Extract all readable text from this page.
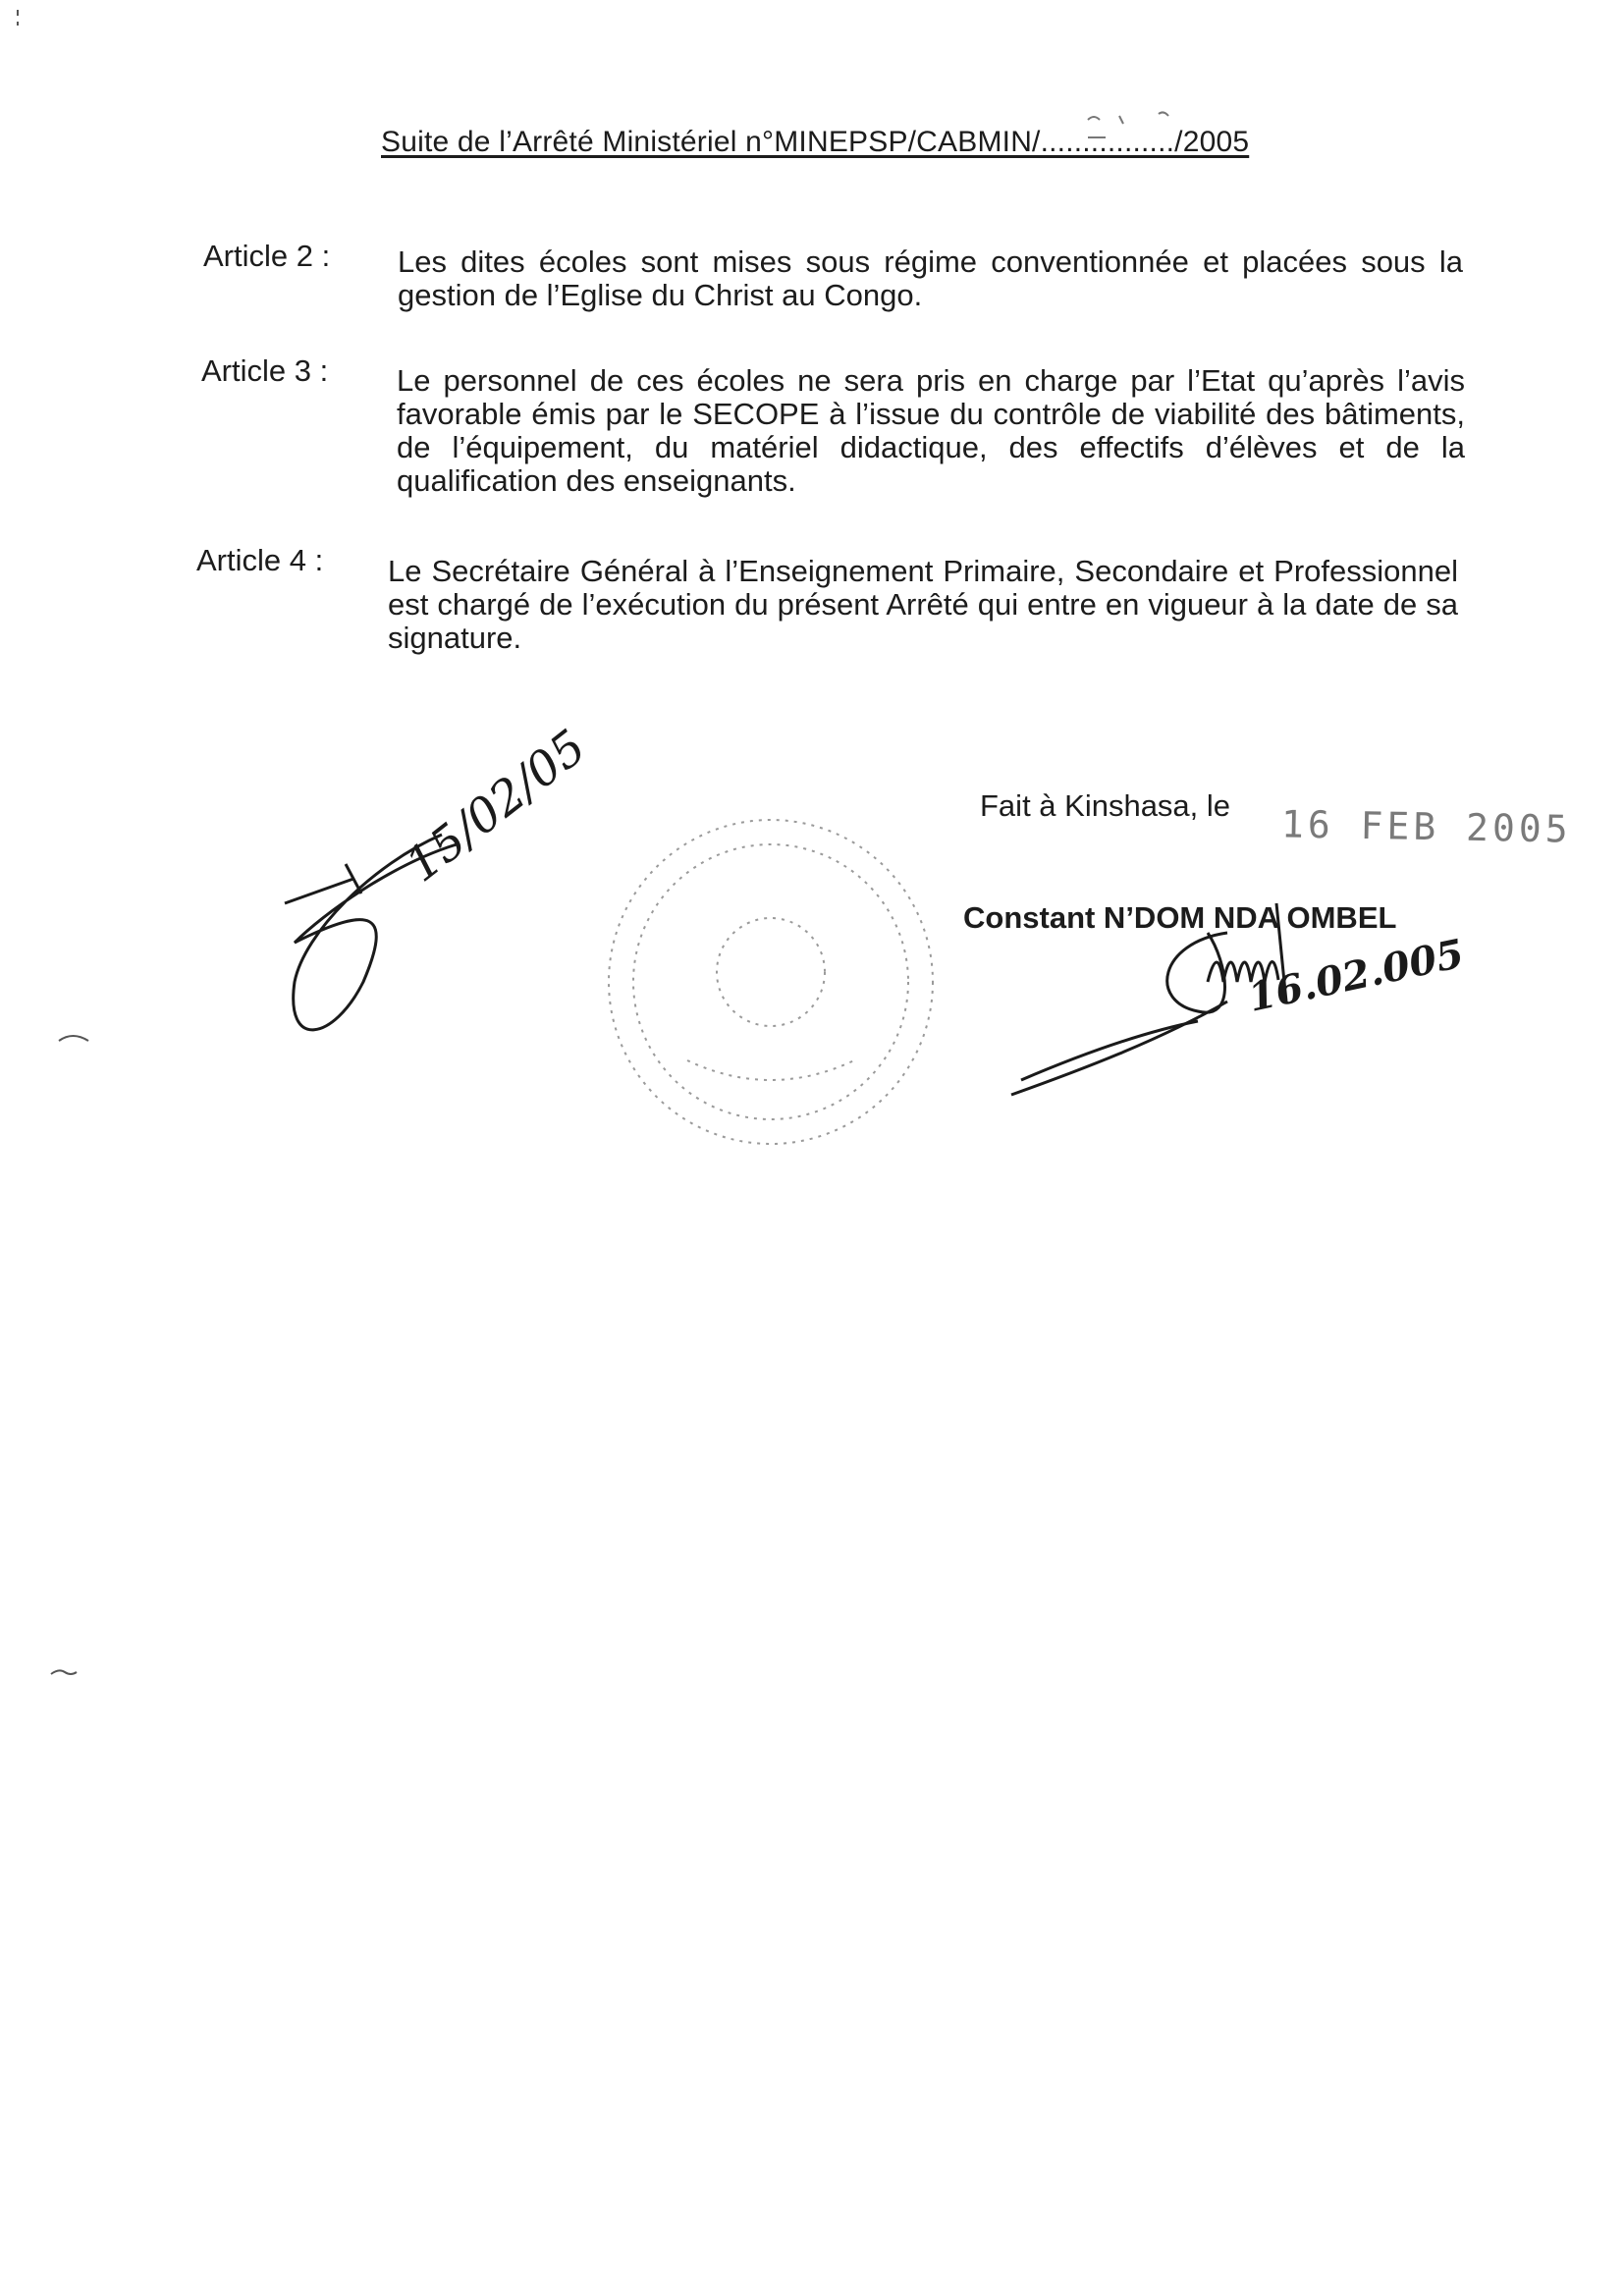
Suite de l’Arrêté Ministériel n°MINEPSP/CABMIN/................/2005
Article 2 : Les dites écoles sont mises sous régime conventionnée et placées sous la gestion de l’Eglise du Christ au Congo.
Article 3 : Le personnel de ces écoles ne sera pris en charge par l’Etat qu’après l’avis favorable émis par le SECOPE à l’issue du contrôle de viabilité des bâtiments, de l’équipement, du matériel didactique, des effectifs d’élèves et de la qualification des enseignants.
Article 4 : Le Secrétaire Général à l’Enseignement Primaire, Secondaire et Professionnel est chargé de l’exécution du présent Arrêté qui entre en vigueur à la date de sa signature.
Fait à Kinshasa, le 16 FEB 2005
Constant N’DOM NDA OMBEL
15/02/05
16.02.005
